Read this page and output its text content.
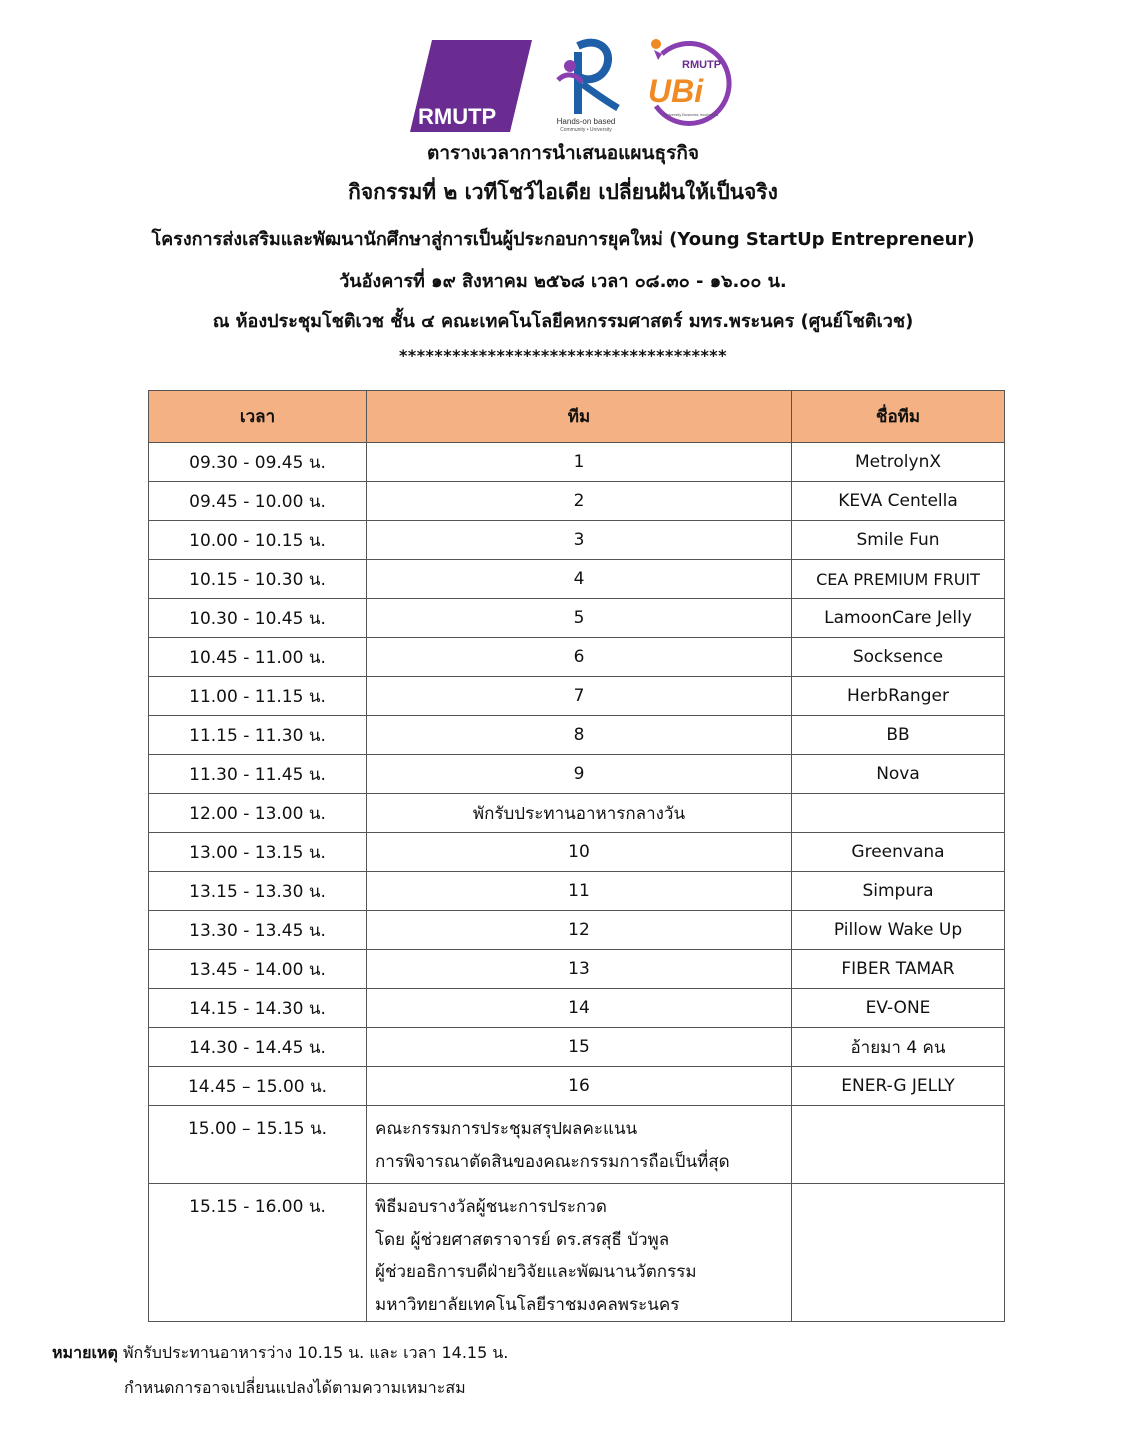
RMUTP	Hands-on based
Community • University
RMUTP
UBi
University Business Incubators
ตารางเวลาการนำเสนอแผนธุรกิจ
กิจกรรมที่ ๒ เวทีโชว์ไอเดีย เปลี่ยนฝันให้เป็นจริง
โครงการส่งเสริมและพัฒนานักศึกษาสู่การเป็นผู้ประกอบการยุคใหม่ (Young StartUp Entrepreneur)
วันอังคารที่ ๑๙ สิงหาคม ๒๕๖๘ เวลา ๐๘.๓๐ - ๑๖.๐๐ น.
ณ ห้องประชุมโชติเวช ชั้น ๔ คณะเทคโนโลยีคหกรรมศาสตร์ มทร.พระนคร (ศูนย์โชติเวช)
*************************************
เวลา	ทีม	ชื่อทีม
09.30 - 09.45 น.	1	MetrolynX
09.45 - 10.00 น.	2	KEVA Centella
10.00 - 10.15 น.	3	Smile Fun
10.15 - 10.30 น.	4	CEA PREMIUM FRUIT
10.30 - 10.45 น.	5	LamoonCare Jelly
10.45 - 11.00 น.	6	Socksence
11.00 - 11.15 น.	7	HerbRanger
11.15 - 11.30 น.	8	BB
11.30 - 11.45 น.	9	Nova
12.00 - 13.00 น.	พักรับประทานอาหารกลางวัน	
13.00 - 13.15 น.	10	Greenvana
13.15 - 13.30 น.	11	Simpura
13.30 - 13.45 น.	12	Pillow Wake Up
13.45 - 14.00 น.	13	FIBER TAMAR
14.15 - 14.30 น.	14	EV-ONE
14.30 - 14.45 น.	15	อ้ายมา 4 คน
14.45 – 15.00 น.	16	ENER-G JELLY
15.00 – 15.15 น.	คณะกรรมการประชุมสรุปผลคะแนน
การพิจารณาตัดสินของคณะกรรมการถือเป็นที่สุด	

15.15 - 16.00 น.	พิธีมอบรางวัลผู้ชนะการประกวด
โดย ผู้ช่วยศาสตราจารย์ ดร.สรสุธี บัวพูล
ผู้ช่วยอธิการบดีฝ่ายวิจัยและพัฒนานวัตกรรม
มหาวิทยาลัยเทคโนโลยีราชมงคลพระนคร	

หมายเหตุ พักรับประทานอาหารว่าง 10.15 น. และ เวลา 14.15 น.
กำหนดการอาจเปลี่ยนแปลงได้ตามความเหมาะสม
